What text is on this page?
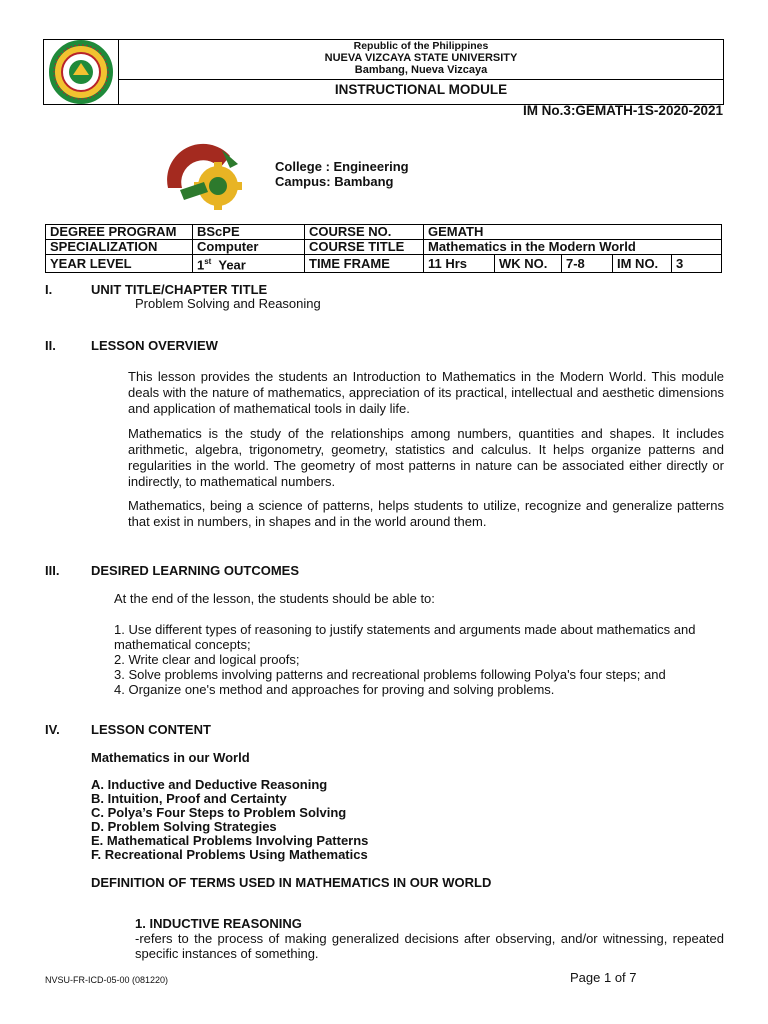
Republic of the Philippines
NUEVA VIZCAYA STATE UNIVERSITY
Bambang, Nueva Vizcaya
INSTRUCTIONAL MODULE
IM No.3:GEMATH-1S-2020-2021
College : Engineering
Campus: Bambang
DEGREE PROGRAM	BScPE	COURSE NO.	GEMATH				
SPECIALIZATION	Computer	COURSE TITLE	Mathematics in the Modern World				
YEAR LEVEL	1st Year	TIME FRAME	11 Hrs	WK NO.	7-8	IM NO.	3
I.	UNIT TITLE/CHAPTER TITLE
Problem Solving and Reasoning
II.	LESSON OVERVIEW
This lesson provides the students an Introduction to Mathematics in the Modern World. This module deals with the nature of mathematics, appreciation of its practical, intellectual and aesthetic dimensions and application of mathematical tools in daily life.
Mathematics is the study of the relationships among numbers, quantities and shapes. It includes arithmetic, algebra, trigonometry, geometry, statistics and calculus. It helps organize patterns and regularities in the world. The geometry of most patterns in nature can be associated either directly or indirectly, to mathematical numbers.
Mathematics, being a science of patterns, helps students to utilize, recognize and generalize patterns that exist in numbers, in shapes and in the world around them.
III. DESIRED LEARNING OUTCOMES
At the end of the lesson, the students should be able to:
1. Use different types of reasoning to justify statements and arguments made about mathematics and mathematical concepts;
2. Write clear and logical proofs;
3. Solve problems involving patterns and recreational problems following Polya's four steps; and
4. Organize one's method and approaches for proving and solving problems.
IV. LESSON CONTENT
Mathematics in our World
A. Inductive and Deductive Reasoning
B. Intuition, Proof and Certainty
C. Polya’s Four Steps to Problem Solving
D. Problem Solving Strategies
E. Mathematical Problems Involving Patterns
F. Recreational Problems Using Mathematics
DEFINITION OF TERMS USED IN MATHEMATICS IN OUR WORLD
1. INDUCTIVE REASONING
-refers to the process of making generalized decisions after observing, and/or witnessing, repeated specific instances of something.
NVSU-FR-ICD-05-00 (081220)	Page 1 of 7
